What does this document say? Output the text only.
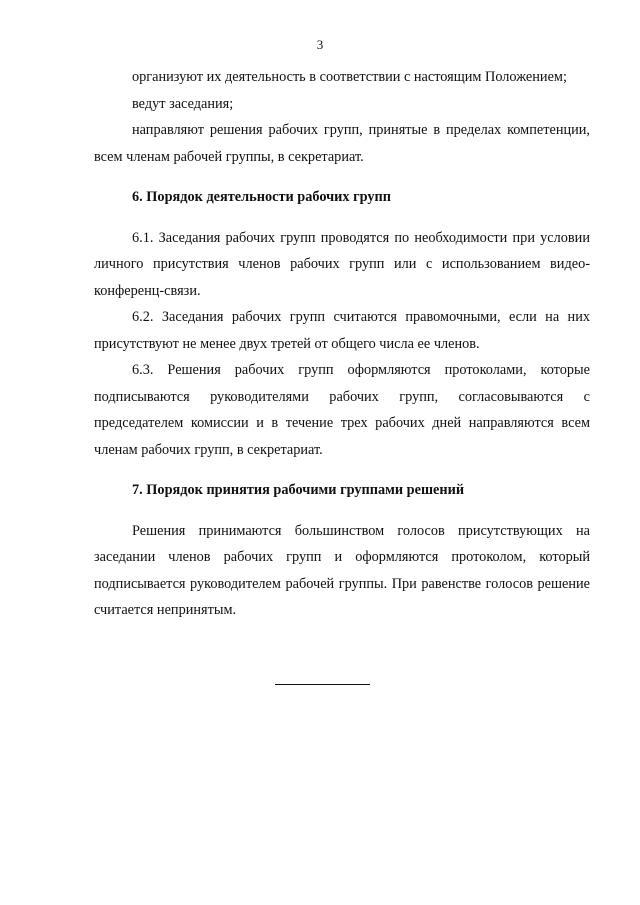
3

организуют их деятельность в соответствии с настоящим Положением;

ведут заседания;

направляют решения рабочих групп, принятые в пределах компетенции, всем членам рабочей группы, в секретариат.

6. Порядок деятельности рабочих групп

6.1. Заседания рабочих групп проводятся по необходимости при условии личного присутствия членов рабочих групп или с использованием видео-конференц-связи.

6.2. Заседания рабочих групп считаются правомочными, если на них присутствуют не менее двух третей от общего числа ее членов.

6.3. Решения рабочих групп оформляются протоколами, которые подписываются руководителями рабочих групп, согласовываются с председателем комиссии и в течение трех рабочих дней направляются всем членам рабочих групп, в секретариат.

7. Порядок принятия рабочими группами решений

Решения принимаются большинством голосов присутствующих на заседании членов рабочих групп и оформляются протоколом, который подписывается руководителем рабочей группы. При равенстве голосов решение считается непринятым.
